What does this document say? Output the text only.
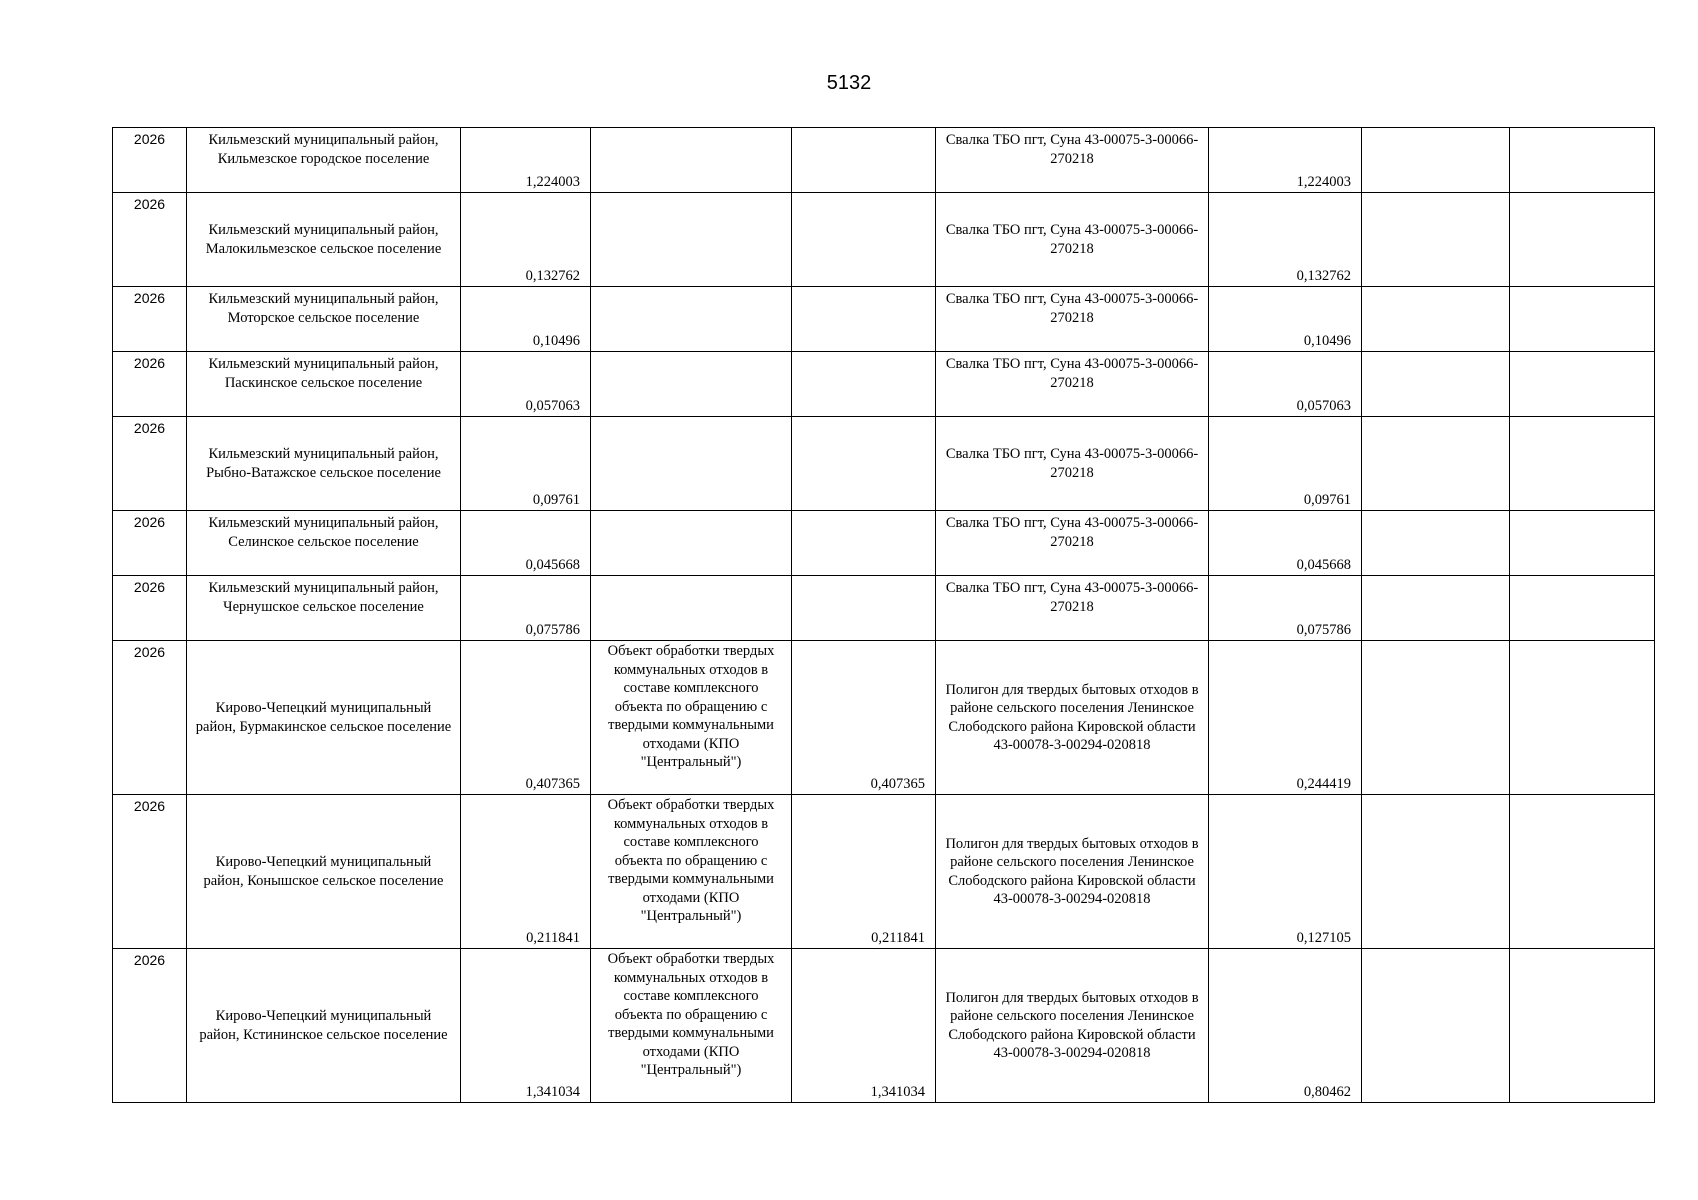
5132
2026	Кильмезский муниципальный район, Кильмезское городское поселение	1,224003			Свалка ТБО пгт, Суна 43-00075-3-00066-270218	1,224003		
2026	Кильмезский муниципальный район, Малокильмезское сельское поселение	0,132762			Свалка ТБО пгт, Суна 43-00075-3-00066-270218	0,132762		
2026	Кильмезский муниципальный район, Моторское сельское поселение	0,10496			Свалка ТБО пгт, Суна 43-00075-3-00066-270218	0,10496		
2026	Кильмезский муниципальный район, Паскинское сельское поселение	0,057063			Свалка ТБО пгт, Суна 43-00075-3-00066-270218	0,057063		
2026	Кильмезский муниципальный район, Рыбно-Ватажское сельское поселение	0,09761			Свалка ТБО пгт, Суна 43-00075-3-00066-270218	0,09761		
2026	Кильмезский муниципальный район, Селинское сельское поселение	0,045668			Свалка ТБО пгт, Суна 43-00075-3-00066-270218	0,045668		
2026	Кильмезский муниципальный район, Чернушское сельское поселение	0,075786			Свалка ТБО пгт, Суна 43-00075-3-00066-270218	0,075786		
2026	Кирово-Чепецкий муниципальный район, Бурмакинское сельское поселение	0,407365	Объект обработки твердых коммунальных отходов в составе комплексного объекта по обращению с твердыми коммунальными отходами (КПО "Центральный")	0,407365	Полигон для твердых бытовых отходов в районе сельского поселения Ленинское Слободского района Кировской области 43-00078-3-00294-020818	0,244419		
2026	Кирово-Чепецкий муниципальный район, Конышское сельское поселение	0,211841	Объект обработки твердых коммунальных отходов в составе комплексного объекта по обращению с твердыми коммунальными отходами (КПО "Центральный")	0,211841	Полигон для твердых бытовых отходов в районе сельского поселения Ленинское Слободского района Кировской области 43-00078-3-00294-020818	0,127105		
2026	Кирово-Чепецкий муниципальный район, Кстининское сельское поселение	1,341034	Объект обработки твердых коммунальных отходов в составе комплексного объекта по обращению с твердыми коммунальными отходами (КПО "Центральный")	1,341034	Полигон для твердых бытовых отходов в районе сельского поселения Ленинское Слободского района Кировской области 43-00078-3-00294-020818	0,80462		
